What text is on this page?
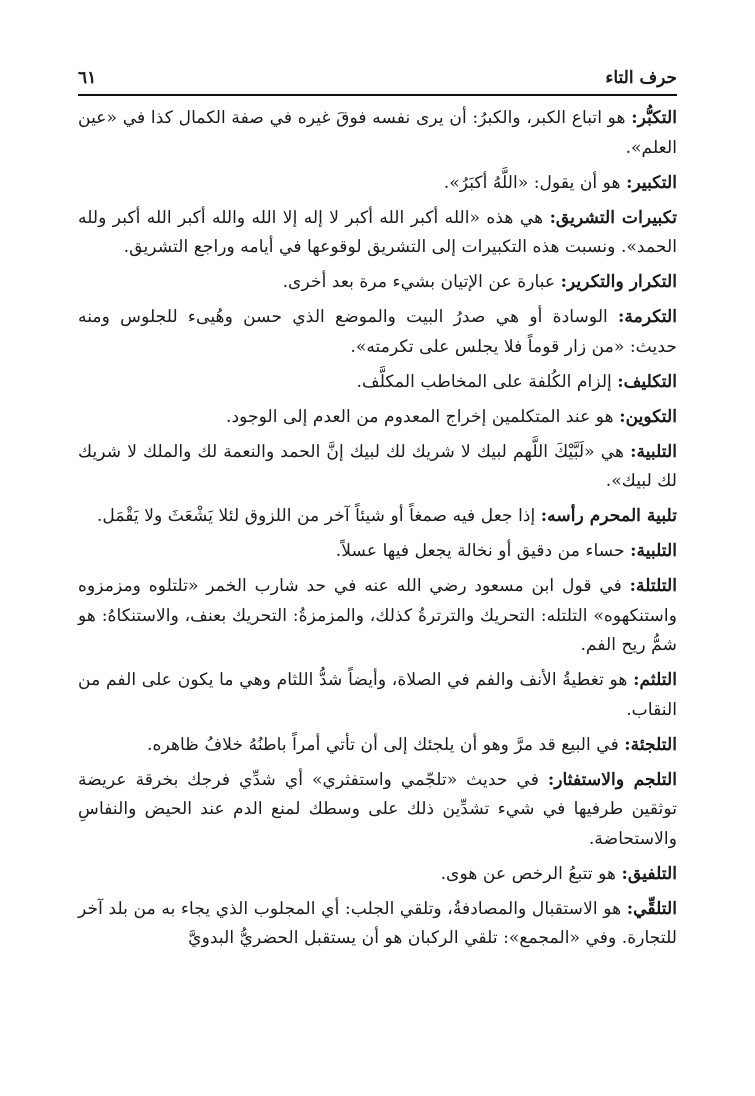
حرف التاء
٦١

التكبُّر: هو اتباع الكبر، والكبرُ: أن يرى نفسه فوقَ غيره في صفة الكمال كذا في «عين العلم».

التكبير: هو أن يقول: «اللَّهُ أكبَرُ».

تكبيرات التشريق: هي هذه «الله أكبر الله أكبر لا إله إلا الله والله أكبر الله أكبر ولله الحمد». ونسبت هذه التكبيرات إلى التشريق لوقوعها في أيامه وراجع التشريق.

التكرار والتكرير: عبارة عن الإتيان بشيء مرة بعد أخرى.

التكرمة: الوسادة أو هي صدرُ البيت والموضع الذي حسن وهُيىء للجلوس ومنه حديث: «من زار قوماً فلا يجلس على تكرمته».

التكليف: إلزام الكُلفة على المخاطب المكلَّف.

التكوين: هو عند المتكلمين إخراج المعدوم من العدم إلى الوجود.

التلبية: هي «لَبَّيْكَ اللَّهم لبيك لا شريك لك لبيك إنَّ الحمد والنعمة لك والملك لا شريك لك لبيك».

تلبية المحرم رأسه: إذا جعل فيه صمغاً أو شيئاً آخر من اللزوق لئلا يَشْعَثَ ولا يَقْمَل.

التلبية: حساء من دقيق أو نخالة يجعل فيها عسلاً.

التلتلة: في قول ابن مسعود رضي الله عنه في حد شارب الخمر «تلتلوه ومزمزوه واستنكهوه» التلتله: التحريك والترترةُ كذلك، والمزمزةُ: التحريك بعنف، والاستنكاهُ: هو شمُّ ريح الفم.

التلثم: هو تغطيةُ الأنف والفم في الصلاة، وأيضاً شدُّ اللثام وهي ما يكون على الفم من النقاب.

التلجئة: في البيع قد مرَّ وهو أن يلجئك إلى أن تأتي أمراً باطنُهُ خلافُ ظاهره.

التلجم والاستفثار: في حديث «تلجّمي واستفثري» أي شدِّي فرجك بخرقة عريضة توثقين طرفيها في شيء تشدِّين ذلك على وسطك لمنع الدم عند الحيض والنفاسِ والاستحاضة.

التلفيق: هو تتبعُ الرخص عن هوى.

التلقِّي: هو الاستقبال والمصادفةُ، وتلقي الجلب: أي المجلوب الذي يجاء به من بلد آخر للتجارة. وفي «المجمع»: تلقي الركبان هو أن يستقبل الحضريُّ البدويَّ
